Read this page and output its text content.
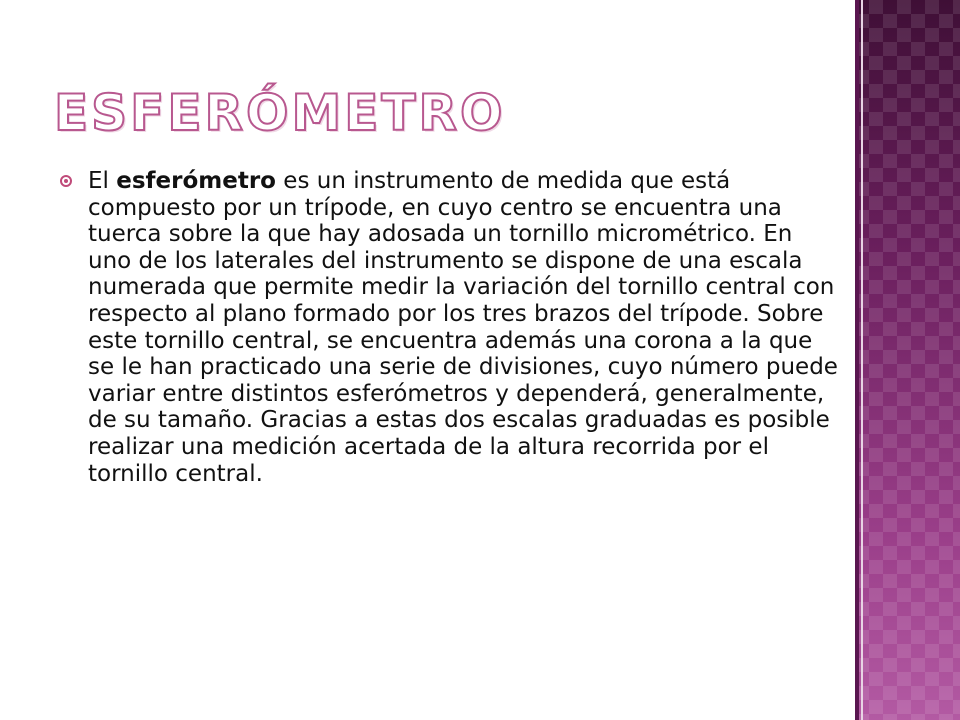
ESFERÓMETRO
El esferómetro es un instrumento de medida que está compuesto por un trípode, en cuyo centro se encuentra una tuerca sobre la que hay adosada un tornillo micrométrico. En uno de los laterales del instrumento se dispone de una escala numerada que permite medir la variación del tornillo central con respecto al plano formado por los tres brazos del trípode. Sobre este tornillo central, se encuentra además una corona a la que se le han practicado una serie de divisiones, cuyo número puede variar entre distintos esferómetros y dependerá, generalmente, de su tamaño. Gracias a estas dos escalas graduadas es posible realizar una medición acertada de la altura recorrida por el tornillo central.
